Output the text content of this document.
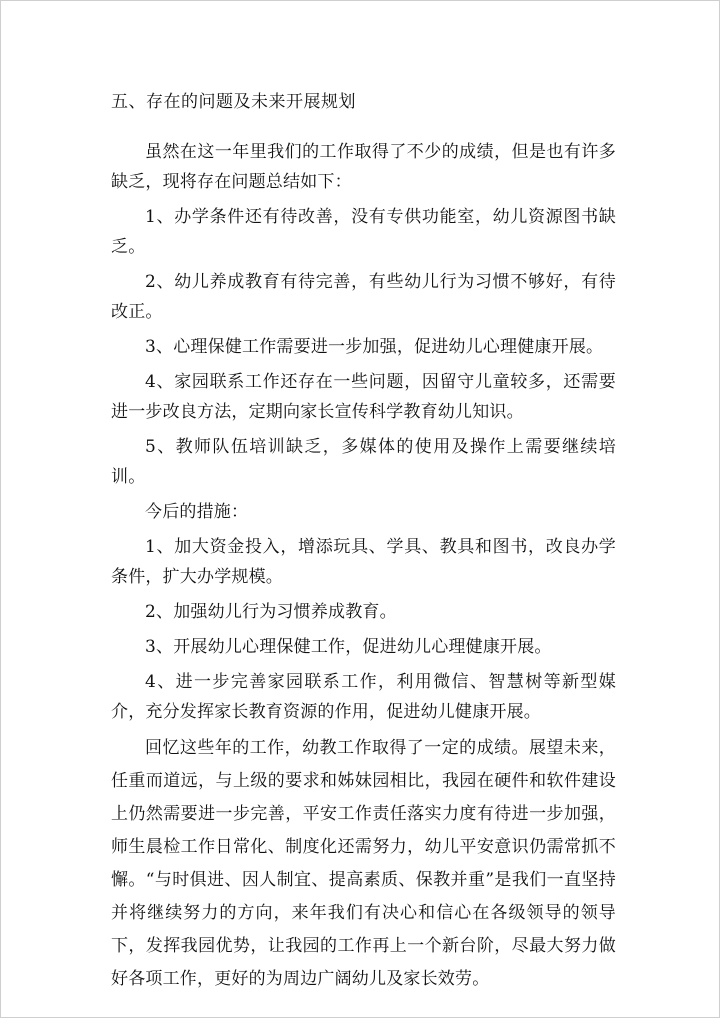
五、存在的问题及未来开展规划

虽然在这一年里我们的工作取得了不少的成绩，但是也有许多缺乏，现将存在问题总结如下：

1、办学条件还有待改善，没有专供功能室，幼儿资源图书缺乏。

2、幼儿养成教育有待完善，有些幼儿行为习惯不够好，有待改正。

3、心理保健工作需要进一步加强，促进幼儿心理健康开展。

4、家园联系工作还存在一些问题，因留守儿童较多，还需要进一步改良方法，定期向家长宣传科学教育幼儿知识。

5、教师队伍培训缺乏，多媒体的使用及操作上需要继续培训。

今后的措施：

1、加大资金投入，增添玩具、学具、教具和图书，改良办学条件，扩大办学规模。

2、加强幼儿行为习惯养成教育。

3、开展幼儿心理保健工作，促进幼儿心理健康开展。

4、进一步完善家园联系工作，利用微信、智慧树等新型媒介，充分发挥家长教育资源的作用，促进幼儿健康开展。

回忆这些年的工作，幼教工作取得了一定的成绩。展望未来，任重而道远，与上级的要求和姊妹园相比，我园在硬件和软件建设上仍然需要进一步完善，平安工作责任落实力度有待进一步加强，师生晨检工作日常化、制度化还需努力，幼儿平安意识仍需常抓不懈。“与时俱进、因人制宜、提高素质、保教并重”是我们一直坚持并将继续努力的方向，来年我们有决心和信心在各级领导的领导下，发挥我园优势，让我园的工作再上一个新台阶，尽最大努力做好各项工作，更好的为周边广阔幼儿及家长效劳。
